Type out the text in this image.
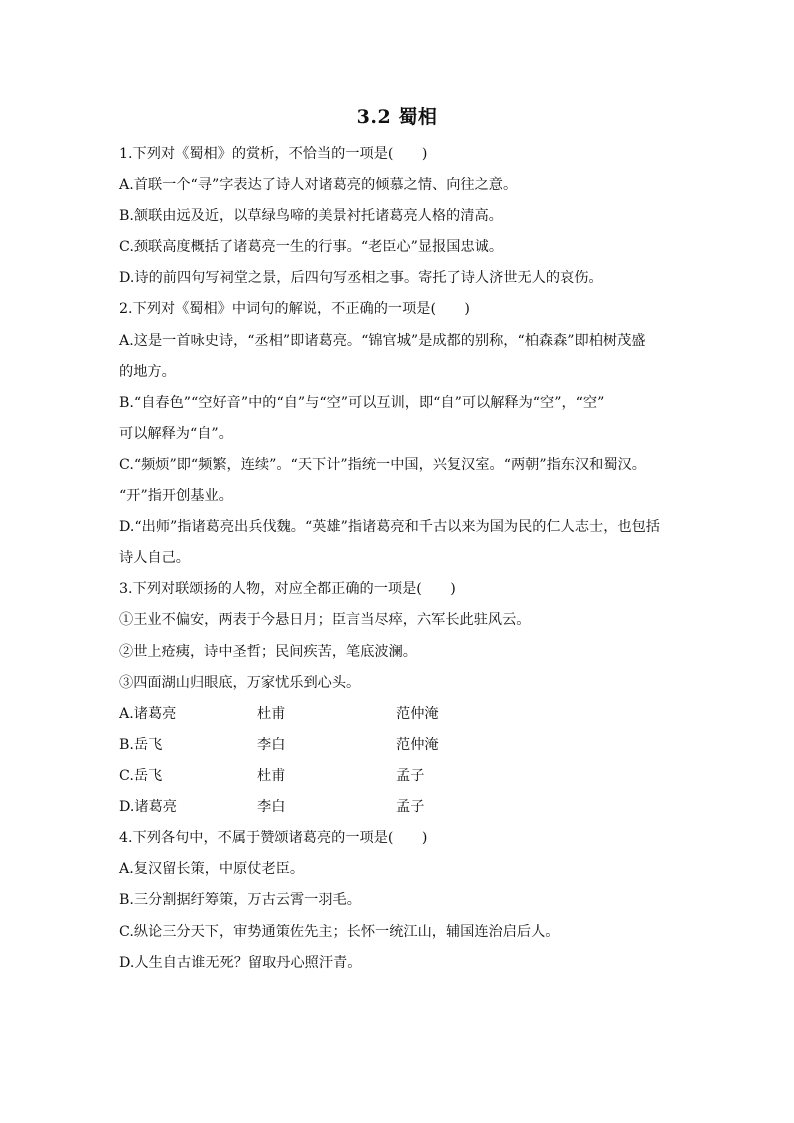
3.2 蜀相
1.下列对《蜀相》的赏析，不恰当的一项是(　　)
A.首联一个“寻”字表达了诗人对诸葛亮的倾慕之情、向往之意。
B.颔联由远及近，以草绿鸟啼的美景衬托诸葛亮人格的清高。
C.颈联高度概括了诸葛亮一生的行事。“老臣心”显报国忠诚。
D.诗的前四句写祠堂之景，后四句写丞相之事。寄托了诗人济世无人的哀伤。
2.下列对《蜀相》中词句的解说，不正确的一项是(　　)
A.这是一首咏史诗，“丞相”即诸葛亮。“锦官城”是成都的别称，“柏森森”即柏树茂盛
的地方。
B.“自春色”“空好音”中的“自”与“空”可以互训，即“自”可以解释为“空”，“空”
可以解释为“自”。
C.“频烦”即“频繁，连续”。“天下计”指统一中国，兴复汉室。“两朝”指东汉和蜀汉。
“开”指开创基业。
D.“出师”指诸葛亮出兵伐魏。“英雄”指诸葛亮和千古以来为国为民的仁人志士，也包括
诗人自己。
3.下列对联颂扬的人物，对应全都正确的一项是(　　)
①王业不偏安，两表于今悬日月；臣言当尽瘁，六军长此驻风云。
②世上疮痍，诗中圣哲；民间疾苦，笔底波澜。
③四面湖山归眼底，万家忧乐到心头。
A.诸葛亮	杜甫	范仲淹
B.岳飞	李白	范仲淹
C.岳飞	杜甫	孟子
D.诸葛亮	李白	孟子
4.下列各句中，不属于赞颂诸葛亮的一项是(　　)
A.复汉留长策，中原仗老臣。
B.三分割据纡筹策，万古云霄一羽毛。
C.纵论三分天下，审势通策佐先主；长怀一统江山，辅国连治启后人。
D.人生自古谁无死？留取丹心照汗青。
